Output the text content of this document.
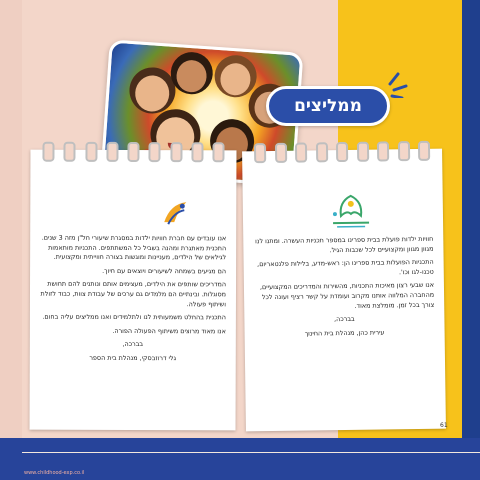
ממליצים

אנו עובדים עם חברת חוויות ילדות במסגרת שיעורי חל"ן מזה 3 שנים. התכנית מאתגרת ומהנה בשביל כל המשתתפים. התכניות מותאמות לגילאים של הילדים, מעניינות ומוגשות בצורה חווייתית ומקצועית.

הם מגיעים בשמחה לשיעורים ויוצאים עם חיוך.

המדריכים שותפים את הילדים, מעצימים אותם ונותנים להם תחושת מסוגלות. ובינתיים הם מלמדים גם ערכים של עבודת צוות, כבוד לזולת ושיתוף פעולה.

התכנית בהחלט משמעותית לנו ולתלמידים ואנו ממליצים עליה בחום.

אנו מאוד מרוצים משיתוף הפעולה הפורה.

בברכה,

גלי דרוזבסקי, מנהלת בית הספר

חוויות ילדות פועלת בבית ספרינו במספר תכניות העשרה. ומתנו לנו מגוון מגוון ומקצועיים לכל שכבות הגיל.

התכניות הפועלות בבית ספרינו הן: ראש-מדע, בלילות פלנטאריום, טכנו-לגו וכו'.

אנו שבעי רצון מאיכות התכניות, מהשירות והמדריכים המקצועיים, מהחברה המלווה אותנו מקרוב ועומדת על קשר רציף ועונה לכל צורך בכל זמן. מומלצת מאוד.

בברכה,

עירית כהן, מנהלת בית החינוך

61
www.childhood-exp.co.il
